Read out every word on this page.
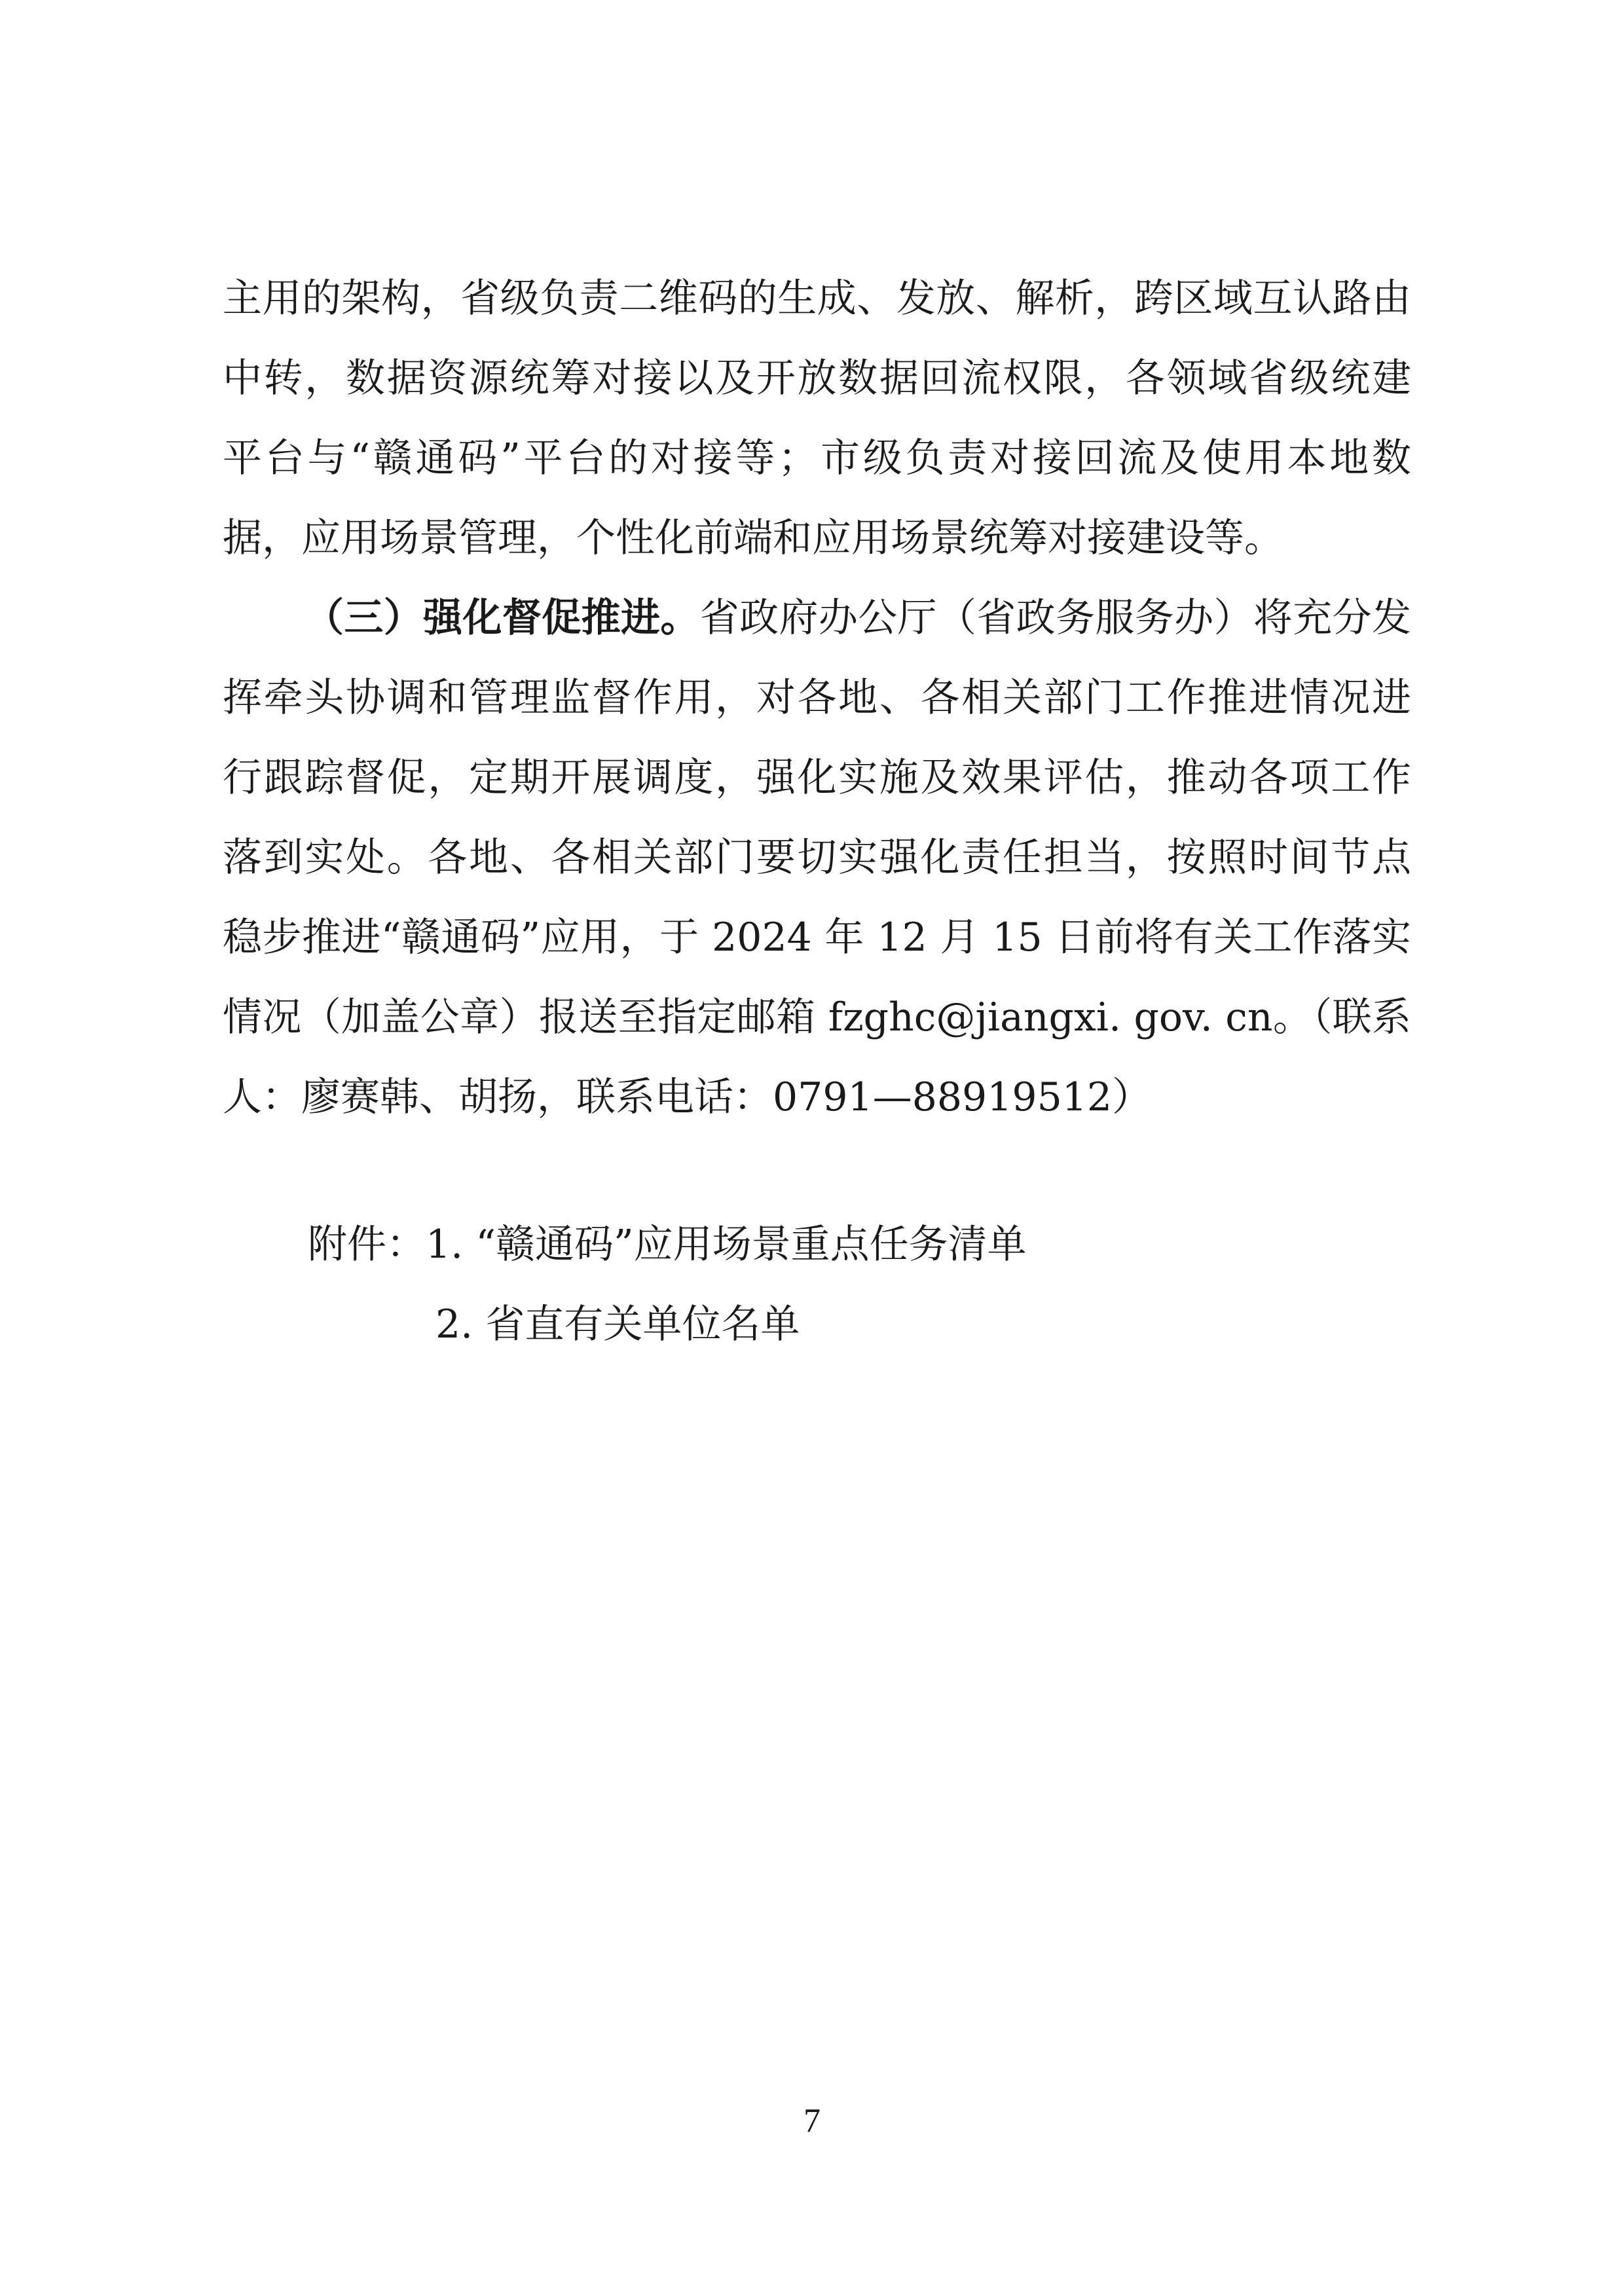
主用的架构，省级负责二维码的生成、发放、解析，跨区域互认路由
中转，数据资源统筹对接以及开放数据回流权限，各领域省级统建
平台与“赣通码”平台的对接等；市级负责对接回流及使用本地数
据，应用场景管理，个性化前端和应用场景统筹对接建设等。
（三）强化督促推进。省政府办公厅（省政务服务办）将充分发
挥牵头协调和管理监督作用，对各地、各相关部门工作推进情况进
行跟踪督促，定期开展调度，强化实施及效果评估，推动各项工作
落到实处。各地、各相关部门要切实强化责任担当，按照时间节点
稳步推进“赣通码”应用，于 2024 年 12 月 15 日前将有关工作落实
情况（加盖公章）报送至指定邮箱 fzghc@jiangxi. gov. cn。（联系
人：廖赛韩、胡扬，联系电话：0791—88919512）
附件：1. “赣通码”应用场景重点任务清单
2. 省直有关单位名单
7
